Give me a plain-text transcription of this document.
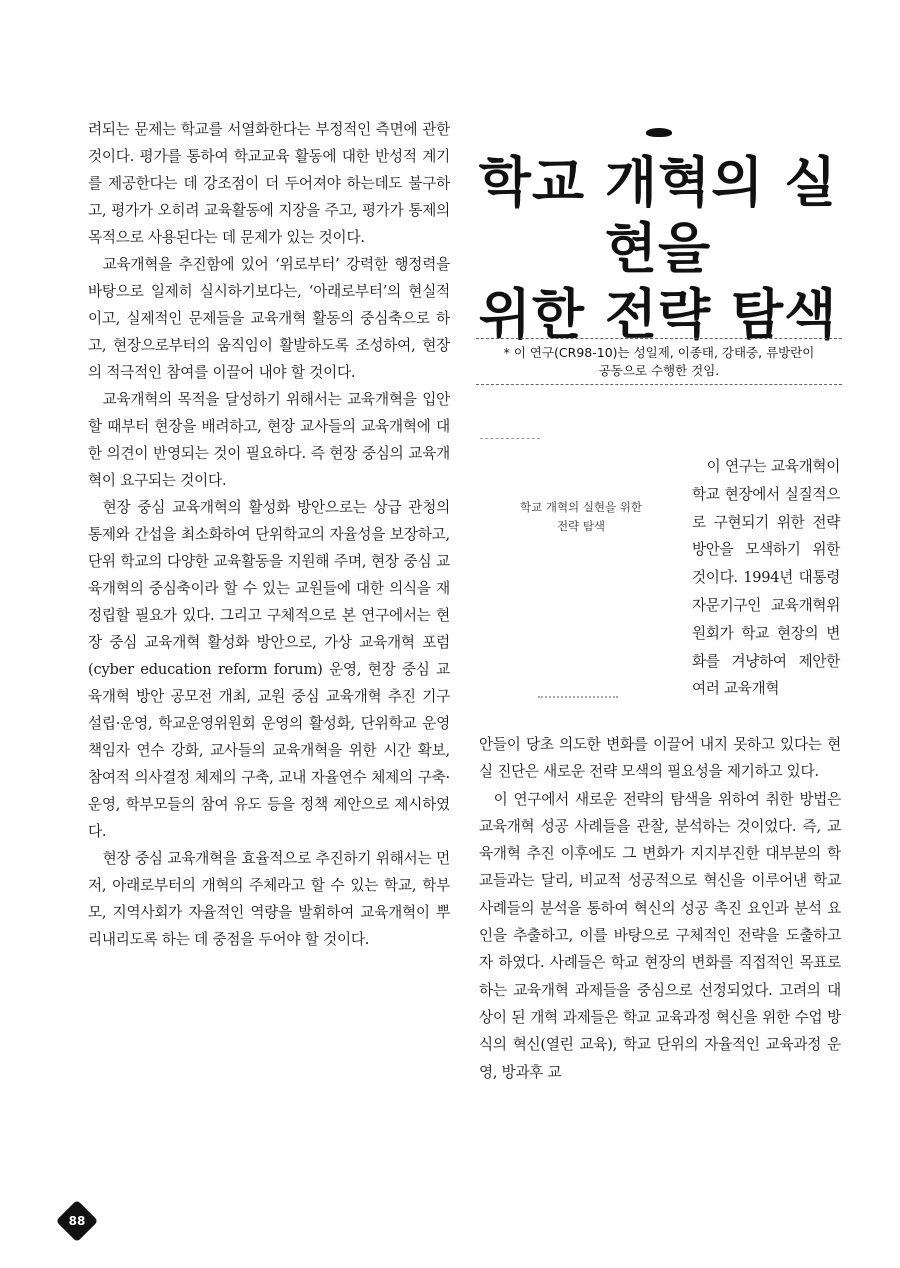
려되는 문제는 학교를 서열화한다는 부정적인 측면에 관한 것이다. 평가를 통하여 학교교육 활동에 대한 반성적 계기를 제공한다는 데 강조점이 더 두어져야 하는데도 불구하고, 평가가 오히려 교육활동에 지장을 주고, 평가가 통제의 목적으로 사용된다는 데 문제가 있는 것이다.

교육개혁을 추진함에 있어 ‘위로부터’ 강력한 행정력을 바탕으로 일제히 실시하기보다는, ‘아래로부터’의 현실적이고, 실제적인 문제들을 교육개혁 활동의 중심축으로 하고, 현장으로부터의 움직임이 활발하도록 조성하여, 현장의 적극적인 참여를 이끌어 내야 할 것이다.

교육개혁의 목적을 달성하기 위해서는 교육개혁을 입안할 때부터 현장을 배려하고, 현장 교사들의 교육개혁에 대한 의견이 반영되는 것이 필요하다. 즉 현장 중심의 교육개혁이 요구되는 것이다.

현장 중심 교육개혁의 활성화 방안으로는 상급 관청의 통제와 간섭을 최소화하여 단위학교의 자율성을 보장하고, 단위 학교의 다양한 교육활동을 지원해 주며, 현장 중심 교육개혁의 중심축이라 할 수 있는 교원들에 대한 의식을 재정립할 필요가 있다. 그리고 구체적으로 본 연구에서는 현장 중심 교육개혁 활성화 방안으로, 가상 교육개혁 포럼(cyber education reform forum) 운영, 현장 중심 교육개혁 방안 공모전 개최, 교원 중심 교육개혁 추진 기구 설립·운영, 학교운영위원회 운영의 활성화, 단위학교 운영 책임자 연수 강화, 교사들의 교육개혁을 위한 시간 확보, 참여적 의사결정 체제의 구축, 교내 자율연수 체제의 구축·운영, 학부모들의 참여 유도 등을 정책 제안으로 제시하였다.

현장 중심 교육개혁을 효율적으로 추진하기 위해서는 먼저, 아래로부터의 개혁의 주체라고 할 수 있는 학교, 학부모, 지역사회가 자율적인 역량을 발휘하여 교육개혁이 뿌리내리도록 하는 데 중점을 두어야 할 것이다.

학교 개혁의 실현을
위한 전략 탐색
* 이 연구(CR98-10)는 성일제, 이종태, 강태중, 류방란이
공동으로 수행한 것임.
학교 개혁의 실현을 위한
전략 탐색

이 연구는 교육개혁이 학교 현장에서 실질적으로 구현되기 위한 전략 방안을 모색하기 위한 것이다. 1994년 대통령 자문기구인 교육개혁위원회가 학교 현장의 변화를 겨냥하여 제안한 여러 교육개혁

안들이 당초 의도한 변화를 이끌어 내지 못하고 있다는 현실 진단은 새로운 전략 모색의 필요성을 제기하고 있다.

이 연구에서 새로운 전략의 탐색을 위하여 취한 방법은 교육개혁 성공 사례들을 관찰, 분석하는 것이었다. 즉, 교육개혁 추진 이후에도 그 변화가 지지부진한 대부분의 학교들과는 달리, 비교적 성공적으로 혁신을 이루어낸 학교 사례들의 분석을 통하여 혁신의 성공 촉진 요인과 분석 요인을 추출하고, 이를 바탕으로 구체적인 전략을 도출하고자 하였다. 사례들은 학교 현장의 변화를 직접적인 목표로 하는 교육개혁 과제들을 중심으로 선정되었다. 고려의 대상이 된 개혁 과제들은 학교 교육과정 혁신을 위한 수업 방식의 혁신(열린 교육), 학교 단위의 자율적인 교육과정 운영, 방과후 교

88
